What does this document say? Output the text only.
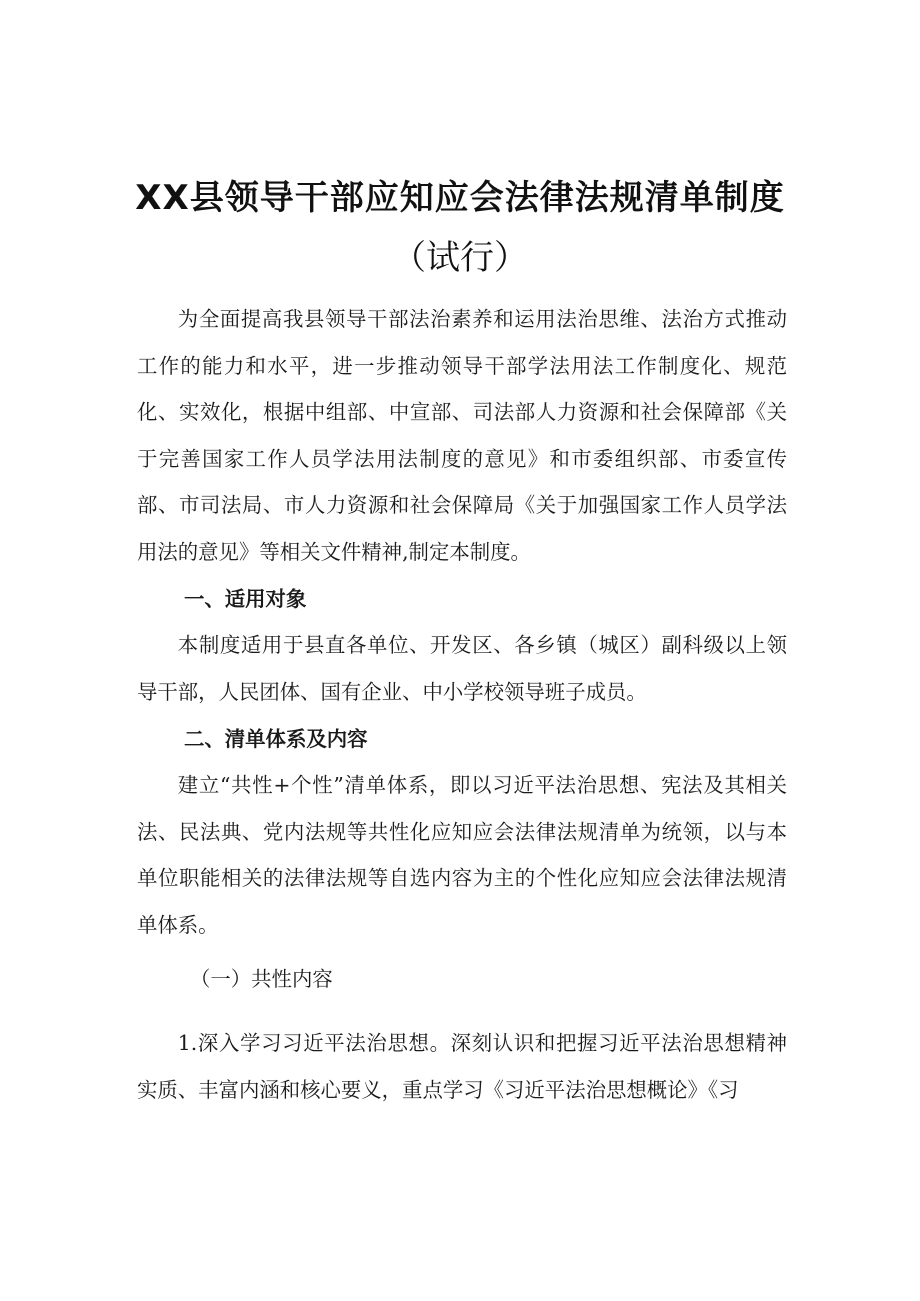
XX县领导干部应知应会法律法规清单制度
（试行）

为全面提高我县领导干部法治素养和运用法治思维、法治方式推动工作的能力和水平，进一步推动领导干部学法用法工作制度化、规范化、实效化，根据中组部、中宣部、司法部人力资源和社会保障部《关于完善国家工作人员学法用法制度的意见》和市委组织部、市委宣传部、市司法局、市人力资源和社会保障局《关于加强国家工作人员学法用法的意见》等相关文件精神,制定本制度。

一、适用对象

本制度适用于县直各单位、开发区、各乡镇（城区）副科级以上领导干部，人民团体、国有企业、中小学校领导班子成员。

二、清单体系及内容

建立“共性+个性”清单体系，即以习近平法治思想、宪法及其相关法、民法典、党内法规等共性化应知应会法律法规清单为统领，以与本单位职能相关的法律法规等自选内容为主的个性化应知应会法律法规清单体系。

（一）共性内容

1.深入学习习近平法治思想。深刻认识和把握习近平法治思想精神实质、丰富内涵和核心要义，重点学习《习近平法治思想概论》《习
